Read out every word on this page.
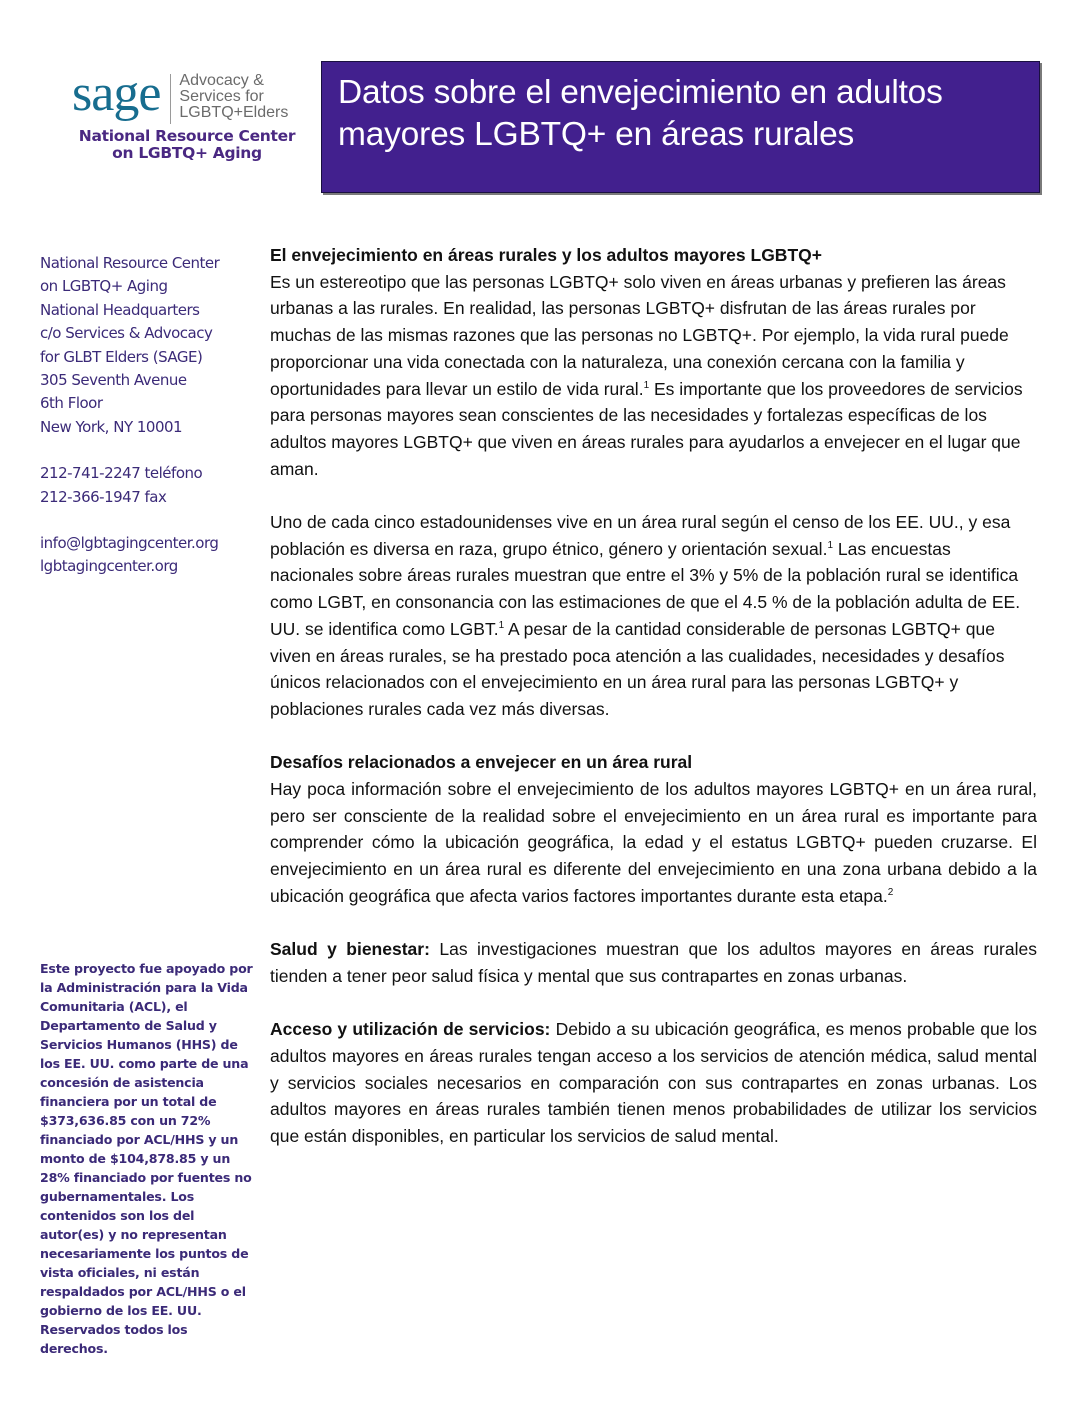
sage Advocacy &
Services for
LGBTQ+Elders
National Resource Center
on LGBTQ+ Aging
Datos sobre el envejecimiento en adultos
mayores LGBTQ+ en áreas rurales
National Resource Center
on LGBTQ+ Aging
National Headquarters
c/o Services & Advocacy
for GLBT Elders (SAGE)
305 Seventh Avenue
6th Floor
New York, NY 10001
212-741-2247 teléfono
212-366-1947 fax
info@lgbtagingcenter.org
lgbtagingcenter.org
Este proyecto fue apoyado por la Administración para la Vida Comunitaria (ACL), el Departamento de Salud y Servicios Humanos (HHS) de los EE. UU. como parte de una concesión de asistencia financiera por un total de $373,636.85 con un 72% financiado por ACL/HHS y un monto de $104,878.85 y un 28% financiado por fuentes no gubernamentales. Los contenidos son los del autor(es) y no representan necesariamente los puntos de vista oficiales, ni están respaldados por ACL/HHS o el gobierno de los EE. UU. Reservados todos los derechos.
El envejecimiento en áreas rurales y los adultos mayores LGBTQ+

Es un estereotipo que las personas LGBTQ+ solo viven en áreas urbanas y prefieren las áreas urbanas a las rurales. En realidad, las personas LGBTQ+ disfrutan de las áreas rurales por muchas de las mismas razones que las personas no LGBTQ+. Por ejemplo, la vida rural puede proporcionar una vida conectada con la naturaleza, una conexión cercana con la familia y oportunidades para llevar un estilo de vida rural.$^1$ Es importante que los proveedores de servicios para personas mayores sean conscientes de las necesidades y fortalezas específicas de los adultos mayores LGBTQ+ que viven en áreas rurales para ayudarlos a envejecer en el lugar que aman.

Uno de cada cinco estadounidenses vive en un área rural según el censo de los EE. UU., y esa población es diversa en raza, grupo étnico, género y orientación sexual.$^1$ Las encuestas nacionales sobre áreas rurales muestran que entre el 3% y 5% de la población rural se identifica como LGBT, en consonancia con las estimaciones de que el 4.5 % de la población adulta de EE. UU. se identifica como LGBT.$^1$ A pesar de la cantidad considerable de personas LGBTQ+ que viven en áreas rurales, se ha prestado poca atención a las cualidades, necesidades y desafíos únicos relacionados con el envejecimiento en un área rural para las personas LGBTQ+ y poblaciones rurales cada vez más diversas.

Desafíos relacionados a envejecer en un área rural

Hay poca información sobre el envejecimiento de los adultos mayores LGBTQ+ en un área rural, pero ser consciente de la realidad sobre el envejecimiento en un área rural es importante para comprender cómo la ubicación geográfica, la edad y el estatus LGBTQ+ pueden cruzarse. El envejecimiento en un área rural es diferente del envejecimiento en una zona urbana debido a la ubicación geográfica que afecta varios factores importantes durante esta etapa.$^2$

Salud y bienestar: Las investigaciones muestran que los adultos mayores en áreas rurales tienden a tener peor salud física y mental que sus contrapartes en zonas urbanas.

Acceso y utilización de servicios: Debido a su ubicación geográfica, es menos probable que los adultos mayores en áreas rurales tengan acceso a los servicios de atención médica, salud mental y servicios sociales necesarios en comparación con sus contrapartes en zonas urbanas. Los adultos mayores en áreas rurales también tienen menos probabilidades de utilizar los servicios que están disponibles, en particular los servicios de salud mental.
